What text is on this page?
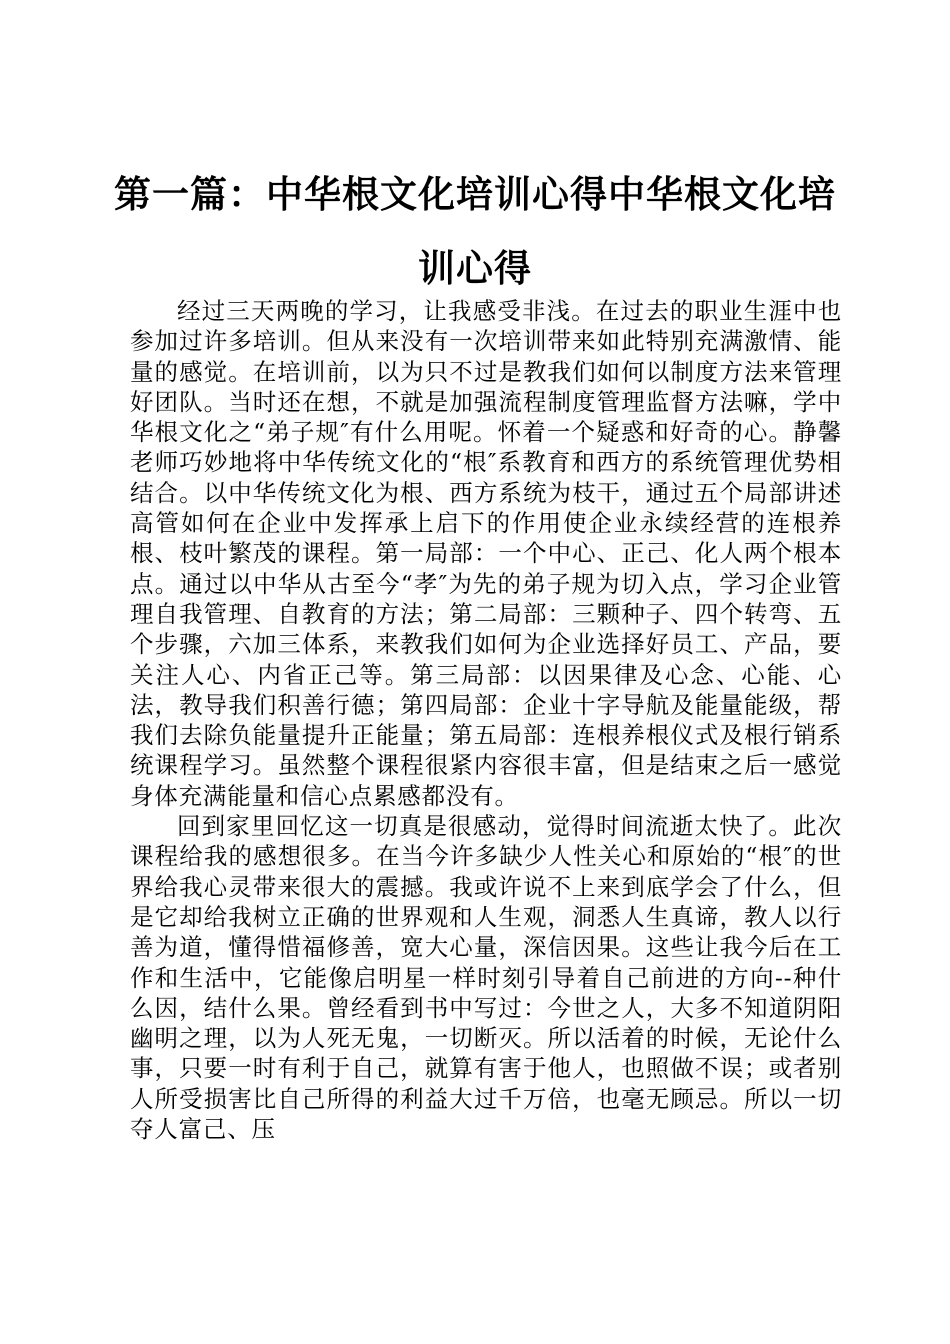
第一篇：中华根文化培训心得中华根文化培训心得

经过三天两晚的学习，让我感受非浅。在过去的职业生涯中也参加过许多培训。但从来没有一次培训带来如此特别充满激情、能量的感觉。在培训前，以为只不过是教我们如何以制度方法来管理好团队。当时还在想，不就是加强流程制度管理监督方法嘛，学中华根文化之“弟子规″有什么用呢。怀着一个疑惑和好奇的心。静馨老师巧妙地将中华传统文化的“根″系教育和西方的系统管理优势相结合。以中华传统文化为根、西方系统为枝干，通过五个局部讲述高管如何在企业中发挥承上启下的作用使企业永续经营的连根养根、枝叶繁茂的课程。第一局部：一个中心、正己、化人两个根本点。通过以中华从古至今“孝″为先的弟子规为切入点，学习企业管理自我管理、自教育的方法；第二局部：三颗种子、四个转弯、五个步骤，六加三体系，来教我们如何为企业选择好员工、产品，要关注人心、内省正己等。第三局部：以因果律及心念、心能、心法，教导我们积善行德；第四局部：企业十字导航及能量能级，帮我们去除负能量提升正能量；第五局部：连根养根仪式及根行销系统课程学习。虽然整个课程很紧内容很丰富，但是结束之后一感觉身体充满能量和信心点累感都没有。

回到家里回忆这一切真是很感动，觉得时间流逝太快了。此次课程给我的感想很多。在当今许多缺少人性关心和原始的“根″的世界给我心灵带来很大的震撼。我或许说不上来到底学会了什么，但是它却给我树立正确的世界观和人生观，洞悉人生真谛，教人以行善为道，懂得惜福修善，宽大心量，深信因果。这些让我今后在工作和生活中，它能像启明星一样时刻引导着自己前进的方向--种什么因，结什么果。曾经看到书中写过：今世之人，大多不知道阴阳幽明之理，以为人死无鬼，一切断灭。所以活着的时候，无论什么事，只要一时有利于自己，就算有害于他人，也照做不误；或者别人所受损害比自己所得的利益大过千万倍，也毫无顾忌。所以一切夺人富己、压
